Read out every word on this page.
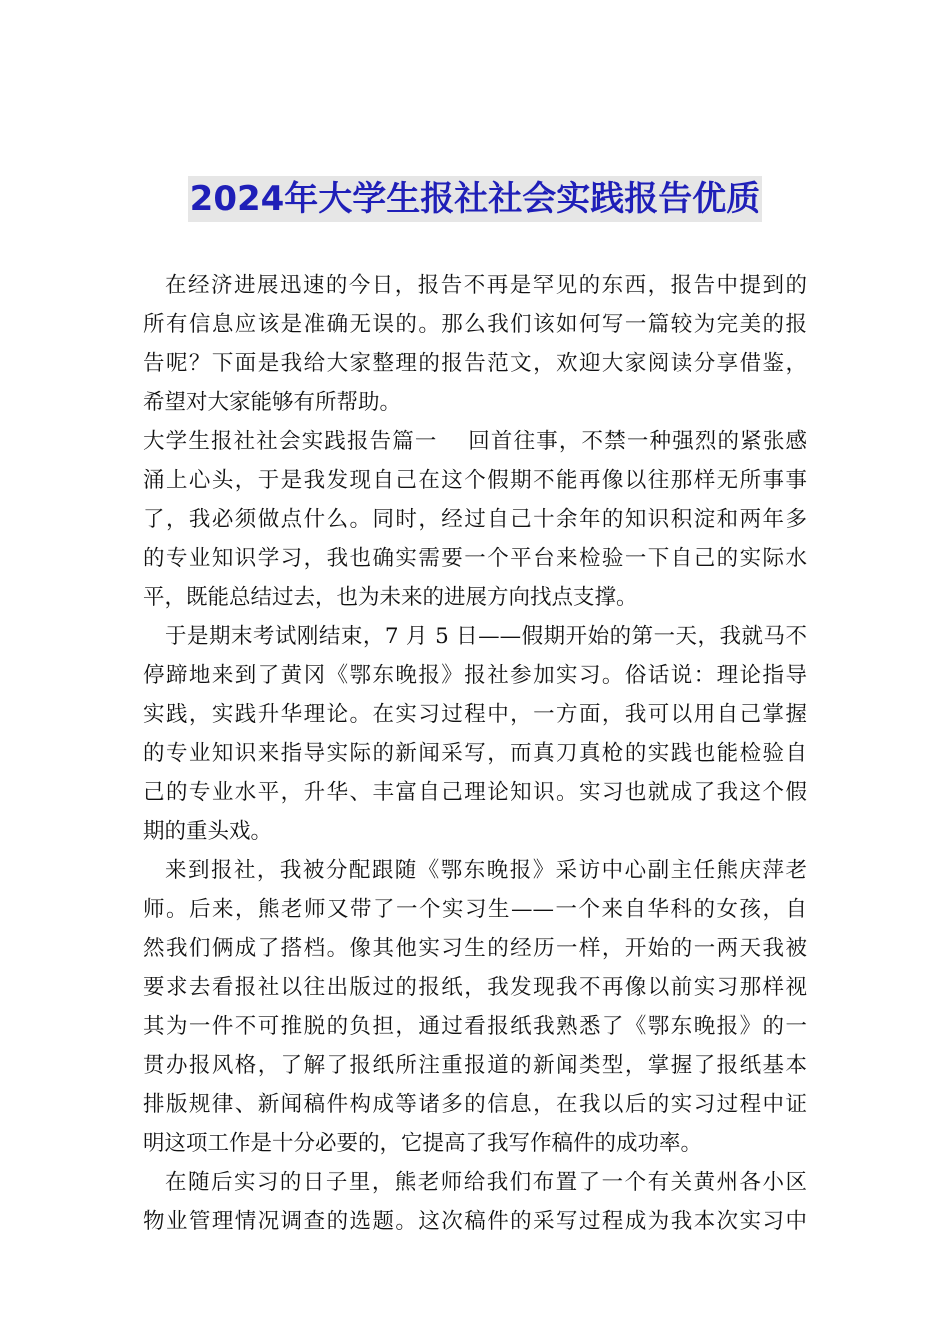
2024年大学生报社社会实践报告优质

在经济进展迅速的今日，报告不再是罕见的东西，报告中提到的
所有信息应该是准确无误的。那么我们该如何写一篇较为完美的报
告呢？下面是我给大家整理的报告范文，欢迎大家阅读分享借鉴，
希望对大家能够有所帮助。

大学生报社社会实践报告篇一　 回首往事，不禁一种强烈的紧张感
涌上心头，于是我发现自己在这个假期不能再像以往那样无所事事
了，我必须做点什么。同时，经过自己十余年的知识积淀和两年多
的专业知识学习，我也确实需要一个平台来检验一下自己的实际水
平，既能总结过去，也为未来的进展方向找点支撑。

于是期末考试刚结束，7 月 5 日——假期开始的第一天，我就马不
停蹄地来到了黄冈《鄂东晚报》报社参加实习。俗话说：理论指导
实践，实践升华理论。在实习过程中，一方面，我可以用自己掌握
的专业知识来指导实际的新闻采写，而真刀真枪的实践也能检验自
己的专业水平，升华、丰富自己理论知识。实习也就成了我这个假
期的重头戏。

来到报社，我被分配跟随《鄂东晚报》采访中心副主任熊庆萍老
师。后来，熊老师又带了一个实习生——一个来自华科的女孩，自
然我们俩成了搭档。像其他实习生的经历一样，开始的一两天我被
要求去看报社以往出版过的报纸，我发现我不再像以前实习那样视
其为一件不可推脱的负担，通过看报纸我熟悉了《鄂东晚报》的一
贯办报风格，了解了报纸所注重报道的新闻类型，掌握了报纸基本
排版规律、新闻稿件构成等诸多的信息，在我以后的实习过程中证
明这项工作是十分必要的，它提高了我写作稿件的成功率。

在随后实习的日子里，熊老师给我们布置了一个有关黄州各小区
物业管理情况调查的选题。这次稿件的采写过程成为我本次实习中
